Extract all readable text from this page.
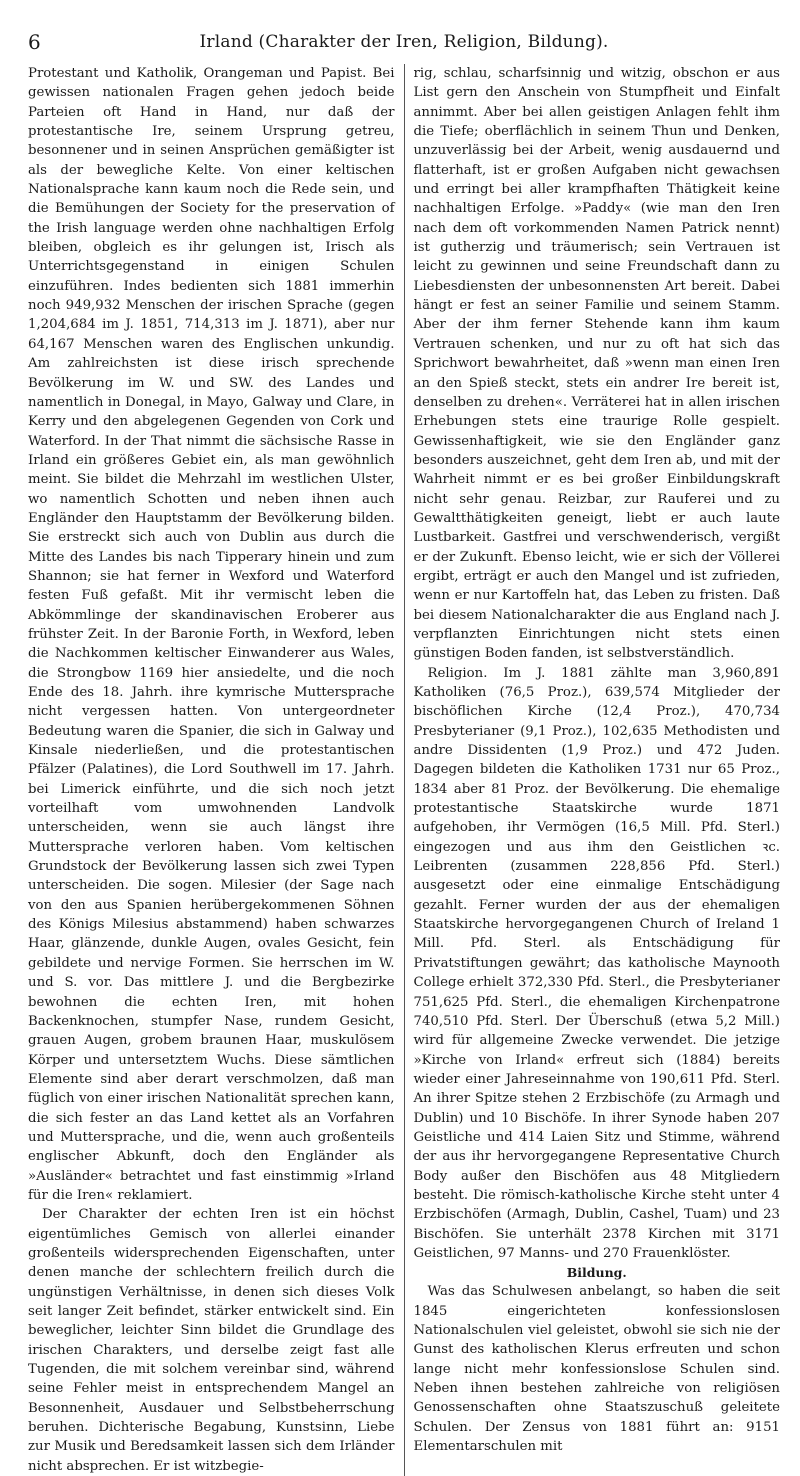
6	Irland (Charakter der Iren, Religion, Bildung).

Protestant und Katholik, Orangeman und Papist. Bei gewissen nationalen Fragen gehen jedoch beide Parteien oft Hand in Hand, nur daß der protestantische Ire, seinem Ursprung getreu, besonnener und in seinen Ansprüchen gemäßigter ist als der bewegliche Kelte. Von einer keltischen Nationalsprache kann kaum noch die Rede sein, und die Bemühungen der Society for the preservation of the Irish language werden ohne nachhaltigen Erfolg bleiben, obgleich es ihr gelungen ist, Irisch als Unterrichtsgegenstand in einigen Schulen einzuführen. Indes bedienten sich 1881 immerhin noch 949,932 Menschen der irischen Sprache (gegen 1,204,684 im J. 1851, 714,313 im J. 1871), aber nur 64,167 Menschen waren des Englischen unkundig. Am zahlreichsten ist diese irisch sprechende Bevölkerung im W. und SW. des Landes und namentlich in Donegal, in Mayo, Galway und Clare, in Kerry und den abgelegenen Gegenden von Cork und Waterford. In der That nimmt die sächsische Rasse in Irland ein größeres Gebiet ein, als man gewöhnlich meint. Sie bildet die Mehrzahl im westlichen Ulster, wo namentlich Schotten und neben ihnen auch Engländer den Hauptstamm der Bevölkerung bilden. Sie erstreckt sich auch von Dublin aus durch die Mitte des Landes bis nach Tipperary hinein und zum Shannon; sie hat ferner in Wexford und Waterford festen Fuß gefaßt. Mit ihr vermischt leben die Abkömmlinge der skandinavischen Eroberer aus frühster Zeit. In der Baronie Forth, in Wexford, leben die Nachkommen keltischer Einwanderer aus Wales, die Strongbow 1169 hier ansiedelte, und die noch Ende des 18. Jahrh. ihre kymrische Muttersprache nicht vergessen hatten. Von untergeordneter Bedeutung waren die Spanier, die sich in Galway und Kinsale niederließen, und die protestantischen Pfälzer (Palatines), die Lord Southwell im 17. Jahrh. bei Limerick einführte, und die sich noch jetzt vorteilhaft vom umwohnenden Landvolk unterscheiden, wenn sie auch längst ihre Muttersprache verloren haben. Vom keltischen Grundstock der Bevölkerung lassen sich zwei Typen unterscheiden. Die sogen. Milesier (der Sage nach von den aus Spanien herübergekommenen Söhnen des Königs Milesius abstammend) haben schwarzes Haar, glänzende, dunkle Augen, ovales Gesicht, fein gebildete und nervige Formen. Sie herrschen im W. und S. vor. Das mittlere J. und die Bergbezirke bewohnen die echten Iren, mit hohen Backenknochen, stumpfer Nase, rundem Gesicht, grauen Augen, grobem braunen Haar, muskulösem Körper und untersetztem Wuchs. Diese sämtlichen Elemente sind aber derart verschmolzen, daß man füglich von einer irischen Nationalität sprechen kann, die sich fester an das Land kettet als an Vorfahren und Muttersprache, und die, wenn auch großenteils englischer Abkunft, doch den Engländer als »Ausländer« betrachtet und fast einstimmig »Irland für die Iren« reklamiert.

Der Charakter der echten Iren ist ein höchst eigentümliches Gemisch von allerlei einander großenteils widersprechenden Eigenschaften, unter denen manche der schlechtern freilich durch die ungünstigen Verhältnisse, in denen sich dieses Volk seit langer Zeit befindet, stärker entwickelt sind. Ein beweglicher, leichter Sinn bildet die Grundlage des irischen Charakters, und derselbe zeigt fast alle Tugenden, die mit solchem vereinbar sind, während seine Fehler meist in entsprechendem Mangel an Besonnenheit, Ausdauer und Selbstbeherrschung beruhen. Dichterische Begabung, Kunstsinn, Liebe zur Musik und Beredsamkeit lassen sich dem Irländer nicht absprechen. Er ist witzbegie-

rig, schlau, scharfsinnig und witzig, obschon er aus List gern den Anschein von Stumpfheit und Einfalt annimmt. Aber bei allen geistigen Anlagen fehlt ihm die Tiefe; oberflächlich in seinem Thun und Denken, unzuverlässig bei der Arbeit, wenig ausdauernd und flatterhaft, ist er großen Aufgaben nicht gewachsen und erringt bei aller krampfhaften Thätigkeit keine nachhaltigen Erfolge. »Paddy« (wie man den Iren nach dem oft vorkommenden Namen Patrick nennt) ist gutherzig und träumerisch; sein Vertrauen ist leicht zu gewinnen und seine Freundschaft dann zu Liebesdiensten der unbesonnensten Art bereit. Dabei hängt er fest an seiner Familie und seinem Stamm. Aber der ihm ferner Stehende kann ihm kaum Vertrauen schenken, und nur zu oft hat sich das Sprichwort bewahrheitet, daß »wenn man einen Iren an den Spieß steckt, stets ein andrer Ire bereit ist, denselben zu drehen«. Verräterei hat in allen irischen Erhebungen stets eine traurige Rolle gespielt. Gewissenhaftigkeit, wie sie den Engländer ganz besonders auszeichnet, geht dem Iren ab, und mit der Wahrheit nimmt er es bei großer Einbildungskraft nicht sehr genau. Reizbar, zur Rauferei und zu Gewaltthätigkeiten geneigt, liebt er auch laute Lustbarkeit. Gastfrei und verschwenderisch, vergißt er der Zukunft. Ebenso leicht, wie er sich der Völlerei ergibt, erträgt er auch den Mangel und ist zufrieden, wenn er nur Kartoffeln hat, das Leben zu fristen. Daß bei diesem Nationalcharakter die aus England nach J. verpflanzten Einrichtungen nicht stets einen günstigen Boden fanden, ist selbstverständlich.

Religion. Im J. 1881 zählte man 3,960,891 Katholiken (76,5 Proz.), 639,574 Mitglieder der bischöflichen Kirche (12,4 Proz.), 470,734 Presbyterianer (9,1 Proz.), 102,635 Methodisten und andre Dissidenten (1,9 Proz.) und 472 Juden. Dagegen bildeten die Katholiken 1731 nur 65 Proz., 1834 aber 81 Proz. der Bevölkerung. Die ehemalige protestantische Staatskirche wurde 1871 aufgehoben, ihr Vermögen (16,5 Mill. Pfd. Sterl.) eingezogen und aus ihm den Geistlichen ꝛc. Leibrenten (zusammen 228,856 Pfd. Sterl.) ausgesetzt oder eine einmalige Entschädigung gezahlt. Ferner wurden der aus der ehemaligen Staatskirche hervorgegangenen Church of Ireland 1 Mill. Pfd. Sterl. als Entschädigung für Privatstiftungen gewährt; das katholische Maynooth College erhielt 372,330 Pfd. Sterl., die Presbyterianer 751,625 Pfd. Sterl., die ehemaligen Kirchenpatrone 740,510 Pfd. Sterl. Der Überschuß (etwa 5,2 Mill.) wird für allgemeine Zwecke verwendet. Die jetzige »Kirche von Irland« erfreut sich (1884) bereits wieder einer Jahreseinnahme von 190,611 Pfd. Sterl. An ihrer Spitze stehen 2 Erzbischöfe (zu Armagh und Dublin) und 10 Bischöfe. In ihrer Synode haben 207 Geistliche und 414 Laien Sitz und Stimme, während der aus ihr hervorgegangene Representative Church Body außer den Bischöfen aus 48 Mitgliedern besteht. Die römisch-katholische Kirche steht unter 4 Erzbischöfen (Armagh, Dublin, Cashel, Tuam) und 23 Bischöfen. Sie unterhält 2378 Kirchen mit 3171 Geistlichen, 97 Manns- und 270 Frauenklöster.

Bildung.

Was das Schulwesen anbelangt, so haben die seit 1845 eingerichteten konfessionslosen Nationalschulen viel geleistet, obwohl sie sich nie der Gunst des katholischen Klerus erfreuten und schon lange nicht mehr konfessionslose Schulen sind. Neben ihnen bestehen zahlreiche von religiösen Genossenschaften ohne Staatszuschuß geleitete Schulen. Der Zensus von 1881 führt an: 9151 Elementarschulen mit
